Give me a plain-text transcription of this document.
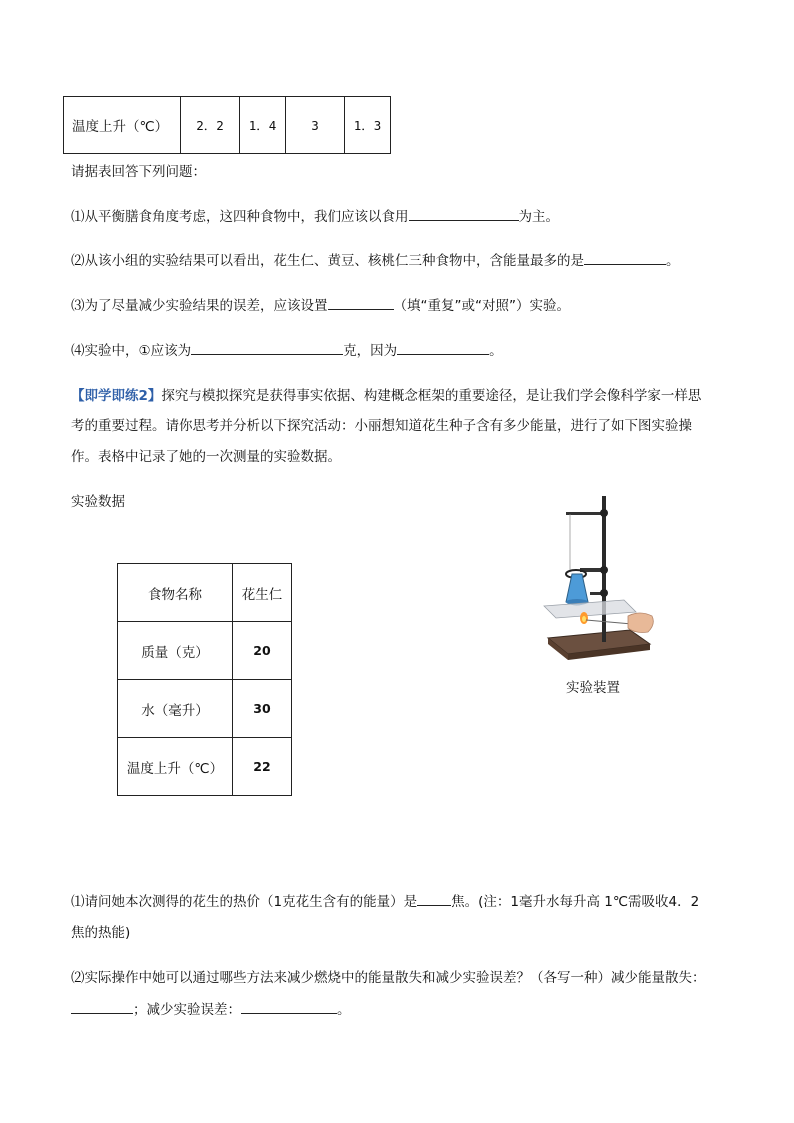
温度上升（℃）	2．2	1．4	3	1．3
请据表回答下列问题：
⑴从平衡膳食角度考虑，这四种食物中，我们应该以食用	为主。
⑵从该小组的实验结果可以看出，花生仁、黄豆、核桃仁三种食物中，含能量最多的是	。
⑶为了尽量减少实验结果的误差，应该设置	（填“重复”或“对照”）实验。
⑷实验中，①应该为	克，因为	。
【即学即练2】探究与模拟探究是获得事实依据、构建概念框架的重要途径，是让我们学会像科学家一样思
考的重要过程。请你思考并分析以下探究活动：小丽想知道花生种子含有多少能量，进行了如下图实验操
作。表格中记录了她的一次测量的实验数据。
实验数据
食物名称	花生仁
质量（克）	20
水（毫升）	30
温度上升（℃）	22
实验装置
⑴请问她本次测得的花生的热价（1克花生含有的能量）是	焦。(注：1毫升水每升高 1℃需吸收4．2
焦的热能)
⑵实际操作中她可以通过哪些方法来减少燃烧中的能量散失和减少实验误差？（各写一种）减少能量散失：
；减少实验误差：	。
